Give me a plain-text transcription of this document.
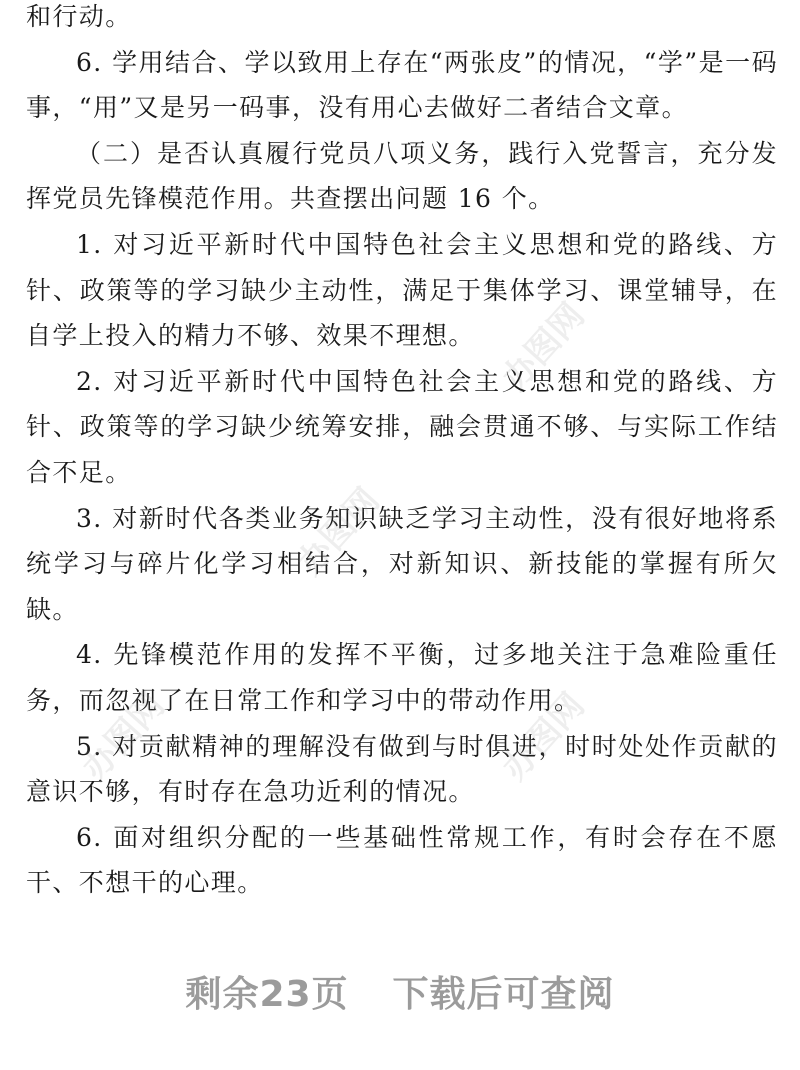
和行动。

6. 学用结合、学以致用上存在“两张皮”的情况，“学”是一码事，“用”又是另一码事，没有用心去做好二者结合文章。

（二）是否认真履行党员八项义务，践行入党誓言，充分发挥党员先锋模范作用。共查摆出问题 16 个。

1. 对习近平新时代中国特色社会主义思想和党的路线、方针、政策等的学习缺少主动性，满足于集体学习、课堂辅导，在自学上投入的精力不够、效果不理想。

2. 对习近平新时代中国特色社会主义思想和党的路线、方针、政策等的学习缺少统筹安排，融会贯通不够、与实际工作结合不足。

3. 对新时代各类业务知识缺乏学习主动性，没有很好地将系统学习与碎片化学习相结合，对新知识、新技能的掌握有所欠缺。

4. 先锋模范作用的发挥不平衡，过多地关注于急难险重任务，而忽视了在日常工作和学习中的带动作用。

5. 对贡献精神的理解没有做到与时俱进，时时处处作贡献的意识不够，有时存在急功近利的情况。

6. 面对组织分配的一些基础性常规工作，有时会存在不愿干、不想干的心理。

办图网
办图网
办图网
办图网
剩余23页 下载后可查阅
